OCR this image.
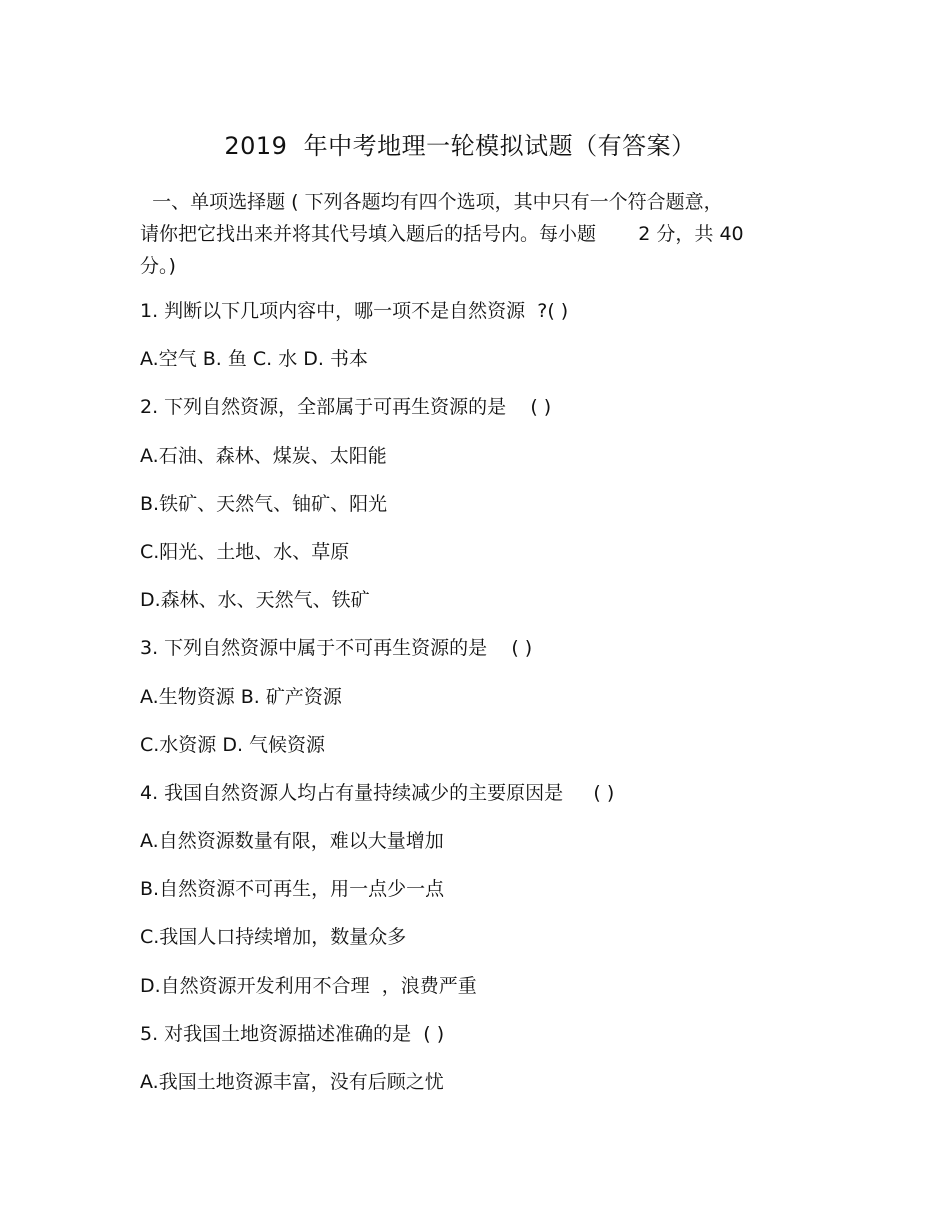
2019  年中考地理一轮模拟试题（有答案）
一、单项选择题 ( 下列各题均有四个选项，其中只有一个符合题意，
请你把它找出来并将其代号填入题后的括号内。每小题       2 分，共 40
分。)
1. 判断以下几项内容中，哪一项不是自然资源  ?( )
A.空气 B. 鱼 C. 水 D. 书本
2. 下列自然资源，全部属于可再生资源的是    ( )
A.石油、森林、煤炭、太阳能
B.铁矿、天然气、铀矿、阳光
C.阳光、土地、水、草原
D.森林、水、天然气、铁矿
3. 下列自然资源中属于不可再生资源的是    ( )
A.生物资源 B. 矿产资源
C.水资源 D. 气候资源
4. 我国自然资源人均占有量持续减少的主要原因是     ( )
A.自然资源数量有限，难以大量增加
B.自然资源不可再生，用一点少一点
C.我国人口持续增加，数量众多
D.自然资源开发利用不合理  ，浪费严重
5. 对我国土地资源描述准确的是  ( )
A.我国土地资源丰富，没有后顾之忧
